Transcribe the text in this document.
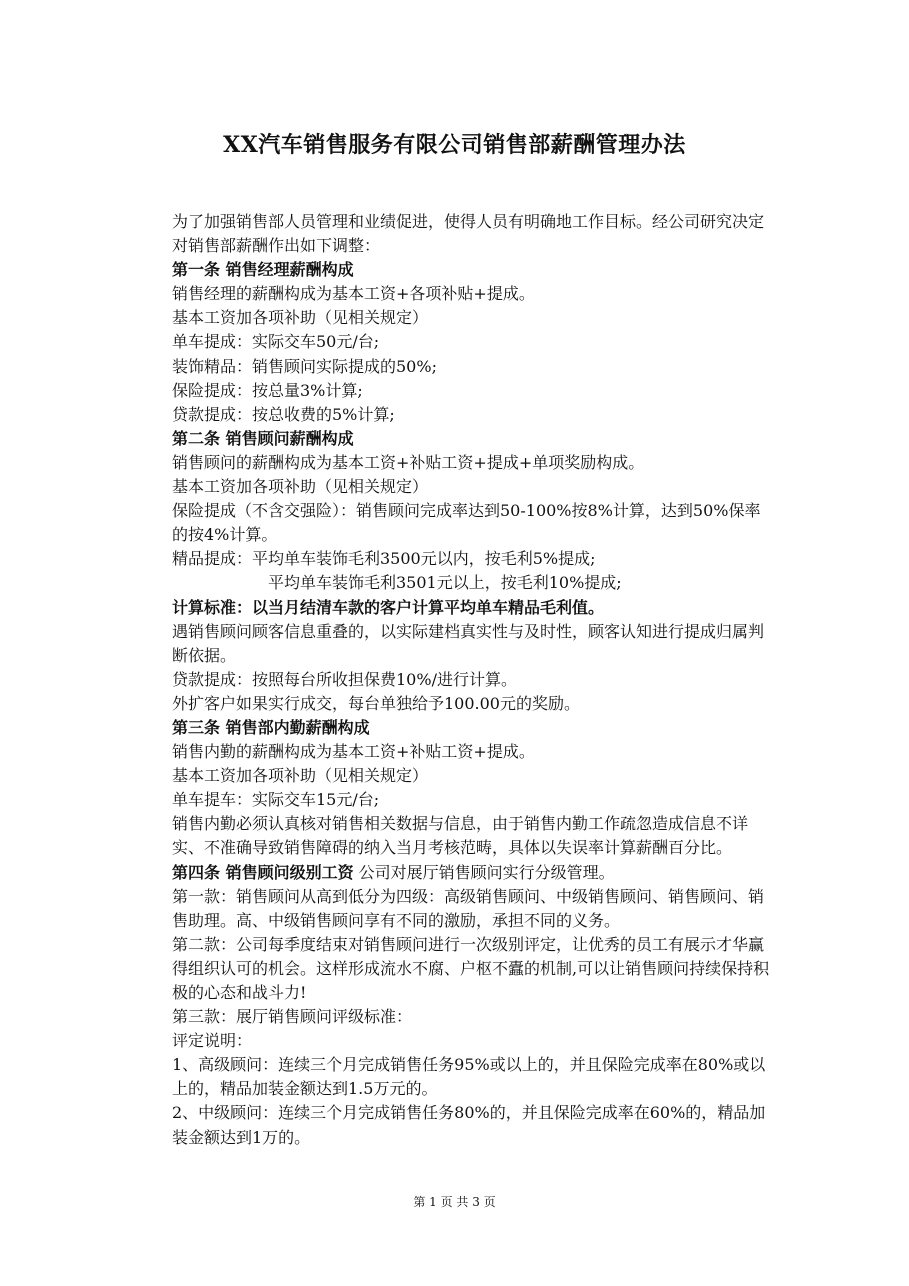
XX汽车销售服务有限公司销售部薪酬管理办法

为了加强销售部人员管理和业绩促进，使得人员有明确地工作目标。经公司研究决定对销售部薪酬作出如下调整：

第一条 销售经理薪酬构成

销售经理的薪酬构成为基本工资+各项补贴+提成。

基本工资加各项补助（见相关规定）

单车提成：实际交车50元/台;

装饰精品：销售顾问实际提成的50%;

保险提成：按总量3%计算;

贷款提成：按总收费的5%计算;

第二条 销售顾问薪酬构成

销售顾问的薪酬构成为基本工资+补贴工资+提成+单项奖励构成。

基本工资加各项补助（见相关规定）

保险提成（不含交强险）：销售顾问完成率达到50-100%按8%计算，达到50%保率的按4%计算。

精品提成：平均单车装饰毛利3500元以内，按毛利5%提成;

平均单车装饰毛利3501元以上，按毛利10%提成;

计算标准：以当月结清车款的客户计算平均单车精品毛利值。

遇销售顾问顾客信息重叠的，以实际建档真实性与及时性，顾客认知进行提成归属判断依据。

贷款提成：按照每台所收担保费10%/进行计算。

外扩客户如果实行成交，每台单独给予100.00元的奖励。

第三条 销售部内勤薪酬构成

销售内勤的薪酬构成为基本工资+补贴工资+提成。

基本工资加各项补助（见相关规定）

单车提车：实际交车15元/台;

销售内勤必须认真核对销售相关数据与信息，由于销售内勤工作疏忽造成信息不详实、不准确导致销售障碍的纳入当月考核范畴，具体以失误率计算薪酬百分比。

第四条 销售顾问级别工资 公司对展厅销售顾问实行分级管理。

第一款：销售顾问从高到低分为四级：高级销售顾问、中级销售顾问、销售顾问、销售助理。高、中级销售顾问享有不同的激励，承担不同的义务。

第二款：公司每季度结束对销售顾问进行一次级别评定，让优秀的员工有展示才华赢得组织认可的机会。这样形成流水不腐、户枢不蠹的机制,可以让销售顾问持续保持积极的心态和战斗力!

第三款：展厅销售顾问评级标准：

评定说明：

1、高级顾问：连续三个月完成销售任务95%或以上的，并且保险完成率在80%或以上的，精品加装金额达到1.5万元的。

2、中级顾问：连续三个月完成销售任务80%的，并且保险完成率在60%的，精品加装金额达到1万的。

第 1 页 共 3 页
